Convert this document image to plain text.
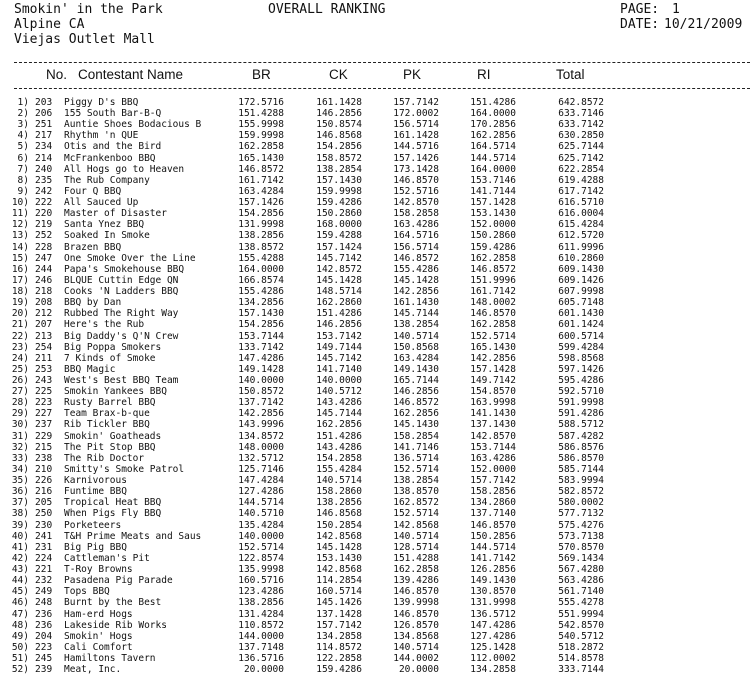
Smokin' in the Park
Alpine CA
Viejas Outlet Mall
OVERALL RANKING	PAGE: 1
DATE: 10/21/2009
No. Contestant Name	BR	CK	PK	RI	Total
1) 203 Piggy D's BBQ	172.5716	161.1428	157.7142	151.4286	642.8572
2) 206 155 South Bar-B-Q	151.4288	146.2856	172.0002	164.0000	633.7146
3) 251 Auntie Shoes Bodacious B	155.9998	150.8574	156.5714	170.2856	633.7142
4) 217 Rhythm 'n QUE	159.9998	146.8568	161.1428	162.2856	630.2850
5) 234 Otis and the Bird	162.2858	154.2856	144.5716	164.5714	625.7144
6) 214 McFrankenboo BBQ	165.1430	158.8572	157.1426	144.5714	625.7142
7) 240 All Hogs go to Heaven	146.8572	138.2854	173.1428	164.0000	622.2854
8) 235 The Rub Company	161.7142	157.1430	146.8570	153.7146	619.4288
9) 242 Four Q BBQ	163.4284	159.9998	152.5716	141.7144	617.7142
10) 222 All Sauced Up	157.1426	159.4286	142.8570	157.1428	616.5710
11) 220 Master of Disaster	154.2856	150.2860	158.2858	153.1430	616.0004
12) 219 Santa Ynez BBQ	131.9998	168.0000	163.4286	152.0000	615.4284
13) 252 Soaked In Smoke	138.2856	159.4288	164.5716	150.2860	612.5720
14) 228 Brazen BBQ	138.8572	157.1424	156.5714	159.4286	611.9996
15) 247 One Smoke Over the Line	155.4288	145.7142	146.8572	162.2858	610.2860
16) 244 Papa's Smokehouse BBQ	164.0000	142.8572	155.4286	146.8572	609.1430
17) 246 BLQUE Cuttin Edge QN	166.8574	145.1428	145.1428	151.9996	609.1426
18) 218 Cooks 'N Ladders BBQ	155.4286	148.5714	142.2856	161.7142	607.9998
19) 208 BBQ by Dan	134.2856	162.2860	161.1430	148.0002	605.7148
20) 212 Rubbed The Right Way	157.1430	151.4286	145.7144	146.8570	601.1430
21) 207 Here's the Rub	154.2856	146.2856	138.2854	162.2858	601.1424
22) 213 Big Daddy's Q'N Crew	153.7144	153.7142	140.5714	152.5714	600.5714
23) 254 Big Poppa Smokers	133.7142	149.7144	150.8568	165.1430	599.4284
24) 211 7 Kinds of Smoke	147.4286	145.7142	163.4284	142.2856	598.8568
25) 253 BBQ Magic	149.1428	141.7140	149.1430	157.1428	597.1426
26) 243 West's Best BBQ Team	140.0000	140.0000	165.7144	149.7142	595.4286
27) 225 Smokin Yankees BBQ	150.8572	140.5712	146.2856	154.8570	592.5710
28) 223 Rusty Barrel BBQ	137.7142	143.4286	146.8572	163.9998	591.9998
29) 227 Team Brax-b-que	142.2856	145.7144	162.2856	141.1430	591.4286
30) 237 Rib Tickler BBQ	143.9996	162.2856	145.1430	137.1430	588.5712
31) 229 Smokin' Goatheads	134.8572	151.4286	158.2854	142.8570	587.4282
32) 215 The Pit Stop BBQ	148.0000	143.4286	141.7146	153.7144	586.8576
33) 238 The Rib Doctor	132.5712	154.2858	136.5714	163.4286	586.8570
34) 210 Smitty's Smoke Patrol	125.7146	155.4284	152.5714	152.0000	585.7144
35) 226 Karnivorous	147.4284	140.5714	138.2854	157.7142	583.9994
36) 216 Funtime BBQ	127.4286	158.2860	138.8570	158.2856	582.8572
37) 205 Tropical Heat BBQ	144.5714	138.2856	162.8572	134.2860	580.0002
38) 250 When Pigs Fly BBQ	140.5710	146.8568	152.5714	137.7140	577.7132
39) 230 Porketeers	135.4284	150.2854	142.8568	146.8570	575.4276
40) 241 T&H Prime Meats and Saus	140.0000	142.8568	140.5714	150.2856	573.7138
41) 231 Big Pig BBQ	152.5714	145.1428	128.5714	144.5714	570.8570
42) 224 Cattleman's Pit	122.8574	153.1430	151.4288	141.7142	569.1434
43) 221 T-Roy Browns	135.9998	142.8568	162.2858	126.2856	567.4280
44) 232 Pasadena Pig Parade	160.5716	114.2854	139.4286	149.1430	563.4286
45) 249 Tops BBQ	123.4286	160.5714	146.8570	130.8570	561.7140
46) 248 Burnt by the Best	138.2856	145.1426	139.9998	131.9998	555.4278
47) 236 Ham-erd Hogs	131.4284	137.1428	146.8570	136.5712	551.9994
48) 236 Lakeside Rib Works	110.8572	157.7142	126.8570	147.4286	542.8570
49) 204 Smokin' Hogs	144.0000	134.2858	134.8568	127.4286	540.5712
50) 223 Cali Comfort	137.7148	114.8572	140.5714	125.1428	518.2872
51) 245 Hamiltons Tavern	136.5716	122.2858	144.0002	112.0002	514.8578
52) 239 Meat, Inc.	20.0000	159.4286	20.0000	134.2858	333.7144
